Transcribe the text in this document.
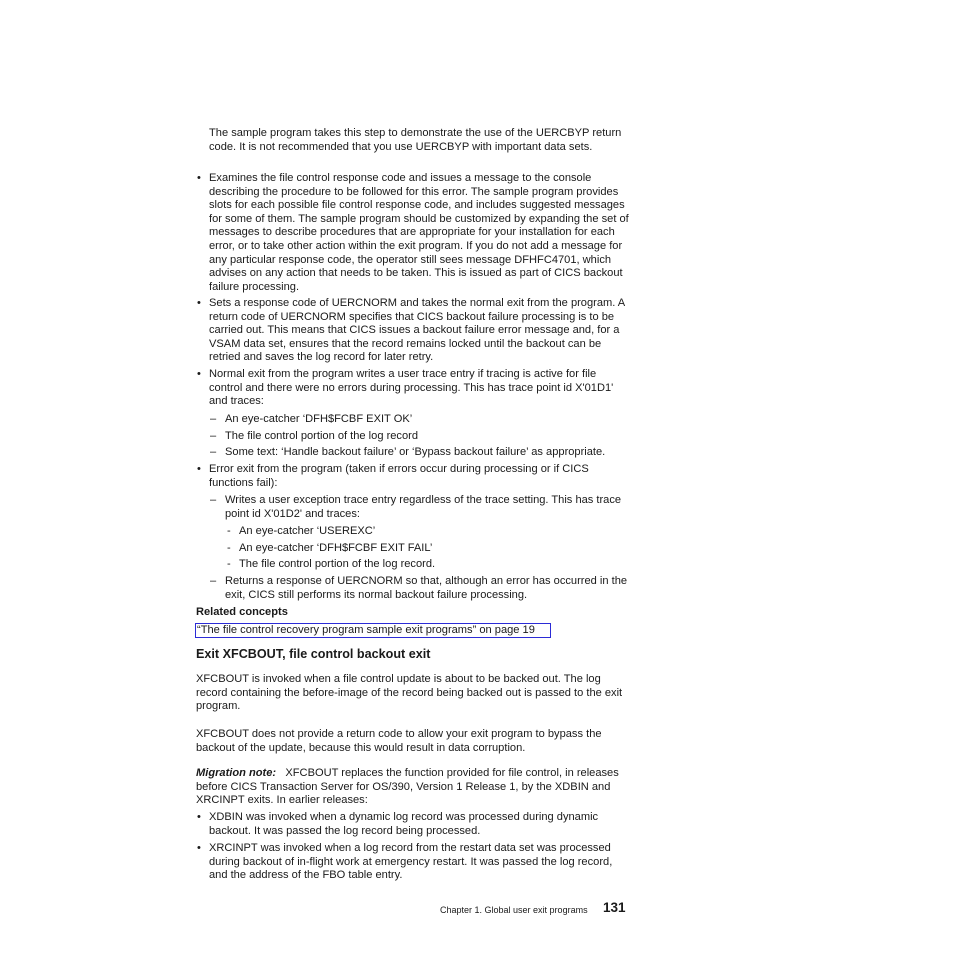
The sample program takes this step to demonstrate the use of the UERCBYP return code. It is not recommended that you use UERCBYP with important data sets.

• Examines the file control response code and issues a message to the console describing the procedure to be followed for this error. The sample program provides slots for each possible file control response code, and includes suggested messages for some of them. The sample program should be customized by expanding the set of messages to describe procedures that are appropriate for your installation for each error, or to take other action within the exit program. If you do not add a message for any particular response code, the operator still sees message DFHFC4701, which advises on any action that needs to be taken. This is issued as part of CICS backout failure processing.

• Sets a response code of UERCNORM and takes the normal exit from the program. A return code of UERCNORM specifies that CICS backout failure processing is to be carried out. This means that CICS issues a backout failure error message and, for a VSAM data set, ensures that the record remains locked until the backout can be retried and saves the log record for later retry.

• Normal exit from the program writes a user trace entry if tracing is active for file control and there were no errors during processing. This has trace point id X'01D1' and traces:

– An eye-catcher ‘DFH$FCBF EXIT OK’

– The file control portion of the log record

– Some text: ‘Handle backout failure’ or ‘Bypass backout failure’ as appropriate.

• Error exit from the program (taken if errors occur during processing or if CICS functions fail):

– Writes a user exception trace entry regardless of the trace setting. This has trace point id X'01D2' and traces:

- An eye-catcher ‘USEREXC’

- An eye-catcher ‘DFH$FCBF EXIT FAIL’

- The file control portion of the log record.

– Returns a response of UERCNORM so that, although an error has occurred in the exit, CICS still performs its normal backout failure processing.

Related concepts
“The file control recovery program sample exit programs” on page 19
Exit XFCBOUT, file control backout exit

XFCBOUT is invoked when a file control update is about to be backed out. The log record containing the before-image of the record being backed out is passed to the exit program.

XFCBOUT does not provide a return code to allow your exit program to bypass the backout of the update, because this would result in data corruption.

Migration note: XFCBOUT replaces the function provided for file control, in releases before CICS Transaction Server for OS/390, Version 1 Release 1, by the XDBIN and XRCINPT exits. In earlier releases:

• XDBIN was invoked when a dynamic log record was processed during dynamic backout. It was passed the log record being processed.

• XRCINPT was invoked when a log record from the restart data set was processed during backout of in-flight work at emergency restart. It was passed the log record, and the address of the FBO table entry.

Chapter 1. Global user exit programs 131
